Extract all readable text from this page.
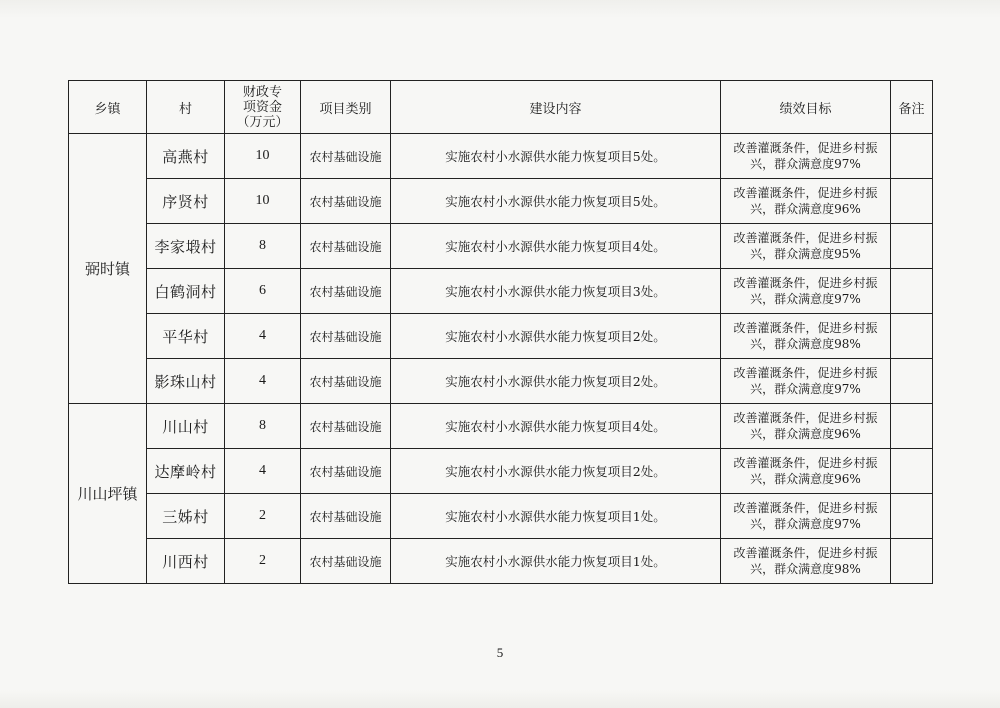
乡镇	村	财政专
项资金
（万元）	项目类别	建设内容	绩效目标	备注
弼时镇	高燕村	10	农村基础设施	实施农村小水源供水能力恢复项目5处。	改善灌溉条件，促进乡村振
兴，群众满意度97%	

	序贤村	10	农村基础设施	实施农村小水源供水能力恢复项目5处。	改善灌溉条件，促进乡村振
兴，群众满意度96%	

	李家塅村	8	农村基础设施	实施农村小水源供水能力恢复项目4处。	改善灌溉条件，促进乡村振
兴，群众满意度95%	

	白鹤洞村	6	农村基础设施	实施农村小水源供水能力恢复项目3处。	改善灌溉条件，促进乡村振
兴，群众满意度97%	

	平华村	4	农村基础设施	实施农村小水源供水能力恢复项目2处。	改善灌溉条件，促进乡村振
兴，群众满意度98%	

	影珠山村	4	农村基础设施	实施农村小水源供水能力恢复项目2处。	改善灌溉条件，促进乡村振
兴，群众满意度97%	

川山坪镇	川山村	8	农村基础设施	实施农村小水源供水能力恢复项目4处。	改善灌溉条件，促进乡村振
兴，群众满意度96%	

	达摩岭村	4	农村基础设施	实施农村小水源供水能力恢复项目2处。	改善灌溉条件，促进乡村振
兴，群众满意度96%	

	三姊村	2	农村基础设施	实施农村小水源供水能力恢复项目1处。	改善灌溉条件，促进乡村振
兴，群众满意度97%	

	川西村	2	农村基础设施	实施农村小水源供水能力恢复项目1处。	改善灌溉条件，促进乡村振
兴，群众满意度98%	

5
